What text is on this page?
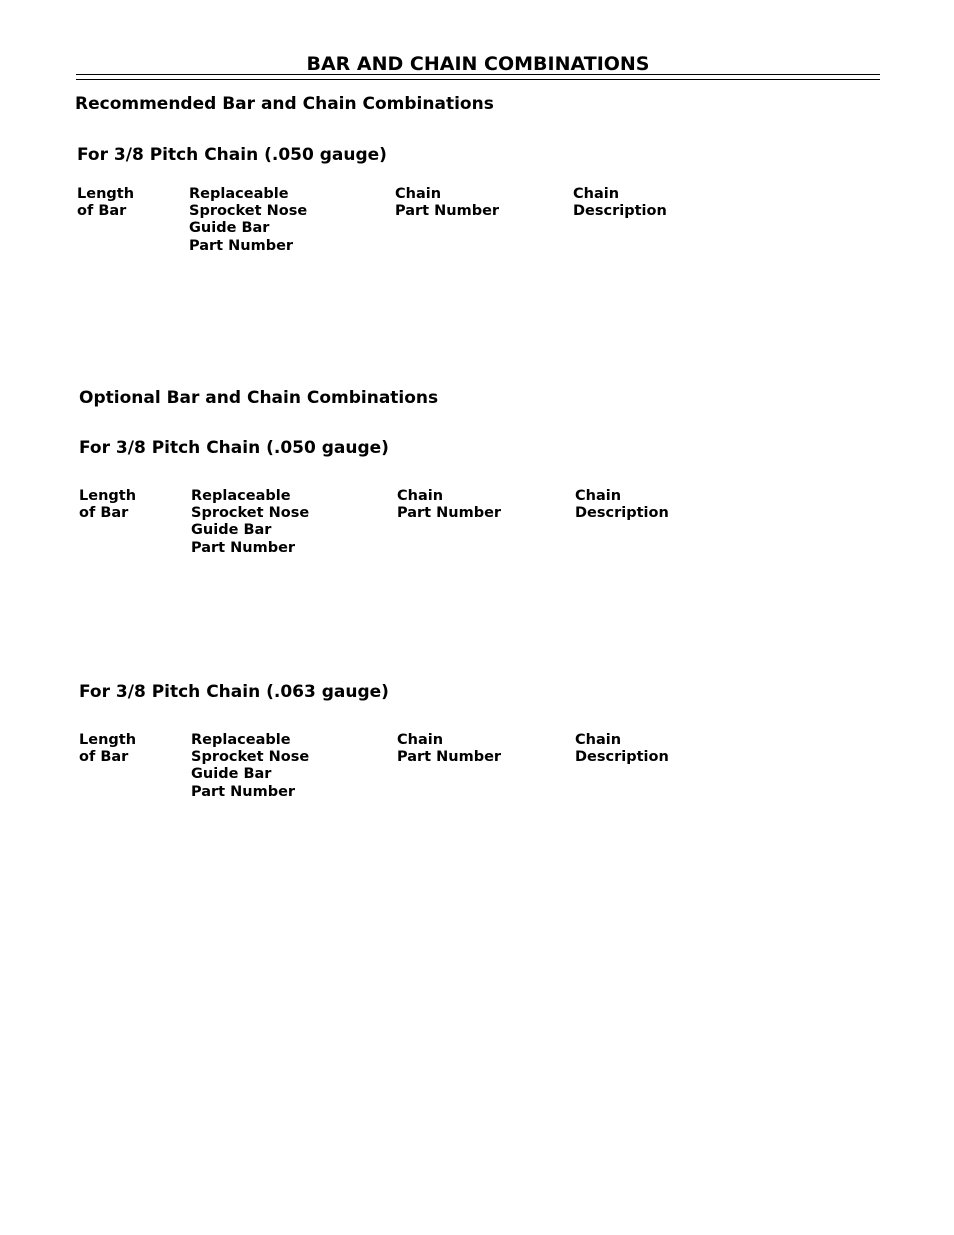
BAR AND CHAIN COMBINATIONS
Recommended Bar and Chain Combinations
For 3/8 Pitch Chain (.050 gauge)
Length
of Bar
Replaceable
Sprocket Nose
Guide Bar
Part Number
Chain
Part Number
Chain
Description
Optional Bar and Chain Combinations
For 3/8 Pitch Chain (.050 gauge)
Length
of Bar
Replaceable
Sprocket Nose
Guide Bar
Part Number
Chain
Part Number
Chain
Description
For 3/8 Pitch Chain (.063 gauge)
Length
of Bar
Replaceable
Sprocket Nose
Guide Bar
Part Number
Chain
Part Number
Chain
Description
